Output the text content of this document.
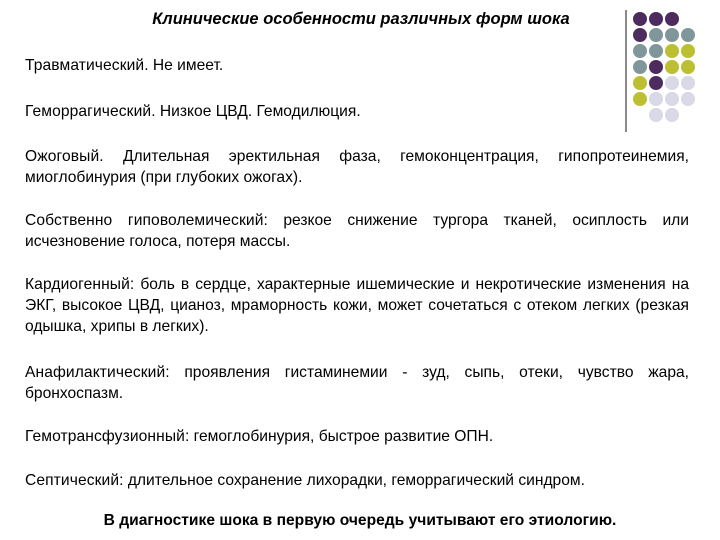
Клинические особенности различных форм шока
Травматический. Не имеет.
Геморрагический. Низкое ЦВД. Гемодилюция.
Ожоговый. Длительная эректильная фаза, гемоконцентрация, гипопротеинемия, миоглобинурия (при глубоких ожогах).
Собственно гиповолемический: резкое снижение тургора тканей, осиплость или исчезновение голоса, потеря массы.
Кардиогенный: боль в сердце, характерные ишемические и некротические изменения на ЭКГ, высокое ЦВД, цианоз, мраморность кожи, может сочетаться с отеком легких (резкая одышка, хрипы в легких).
Анафилактический: проявления гистаминемии - зуд, сыпь, отеки, чувство жара, бронхоспазм.
Гемотрансфузионный: гемоглобинурия, быстрое развитие ОПН.
Септический: длительное сохранение лихорадки, геморрагический синдром.
В диагностике шока в первую очередь учитывают его этиологию.
